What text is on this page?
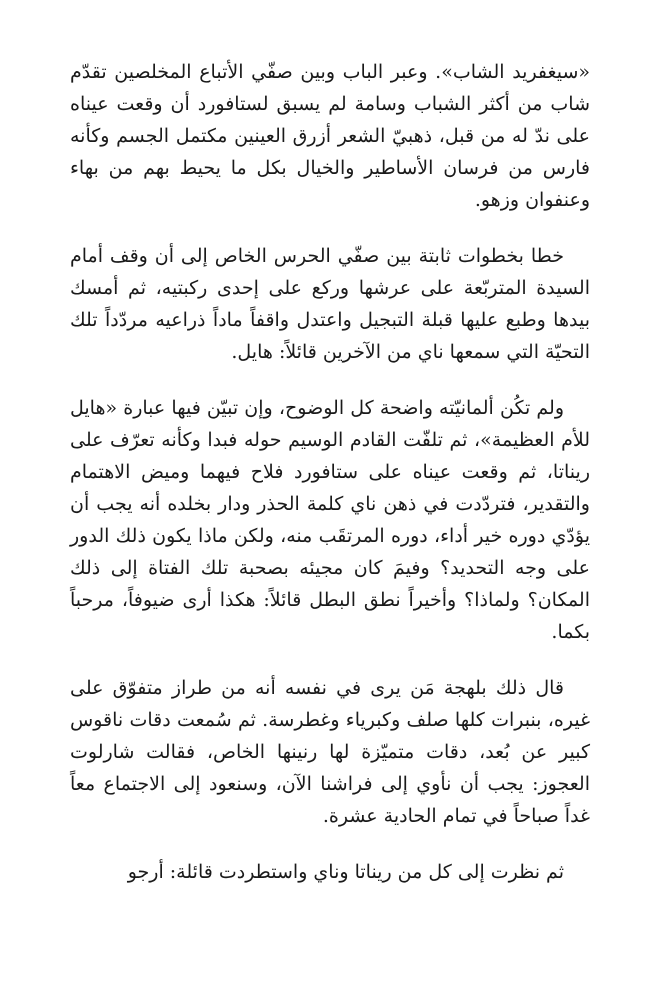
«سيغفريد الشاب». وعبر الباب وبين صفّي الأتباع المخلصين تقدّم شاب من أكثر الشباب وسامة لم يسبق لستافورد أن وقعت عيناه على ندّ له من قبل، ذهبيّ الشعر أزرق العينين مكتمل الجسم وكأنه فارس من فرسان الأساطير والخيال بكل ما يحيط بهم من بهاء وعنفوان وزهو.

خطا بخطوات ثابتة بين صفّي الحرس الخاص إلى أن وقف أمام السيدة المتربّعة على عرشها وركع على إحدى ركبتيه، ثم أمسك بيدها وطبع عليها قبلة التبجيل واعتدل واقفاً ماداً ذراعيه مردّداً تلك التحيّة التي سمعها ناي من الآخرين قائلاً: هايل.

ولم تكُن ألمانيّته واضحة كل الوضوح، وإن تبيّن فيها عبارة «هايل للأم العظيمة»، ثم تلفّت القادم الوسيم حوله فبدا وكأنه تعرّف على ريناتا، ثم وقعت عيناه على ستافورد فلاح فيهما وميض الاهتمام والتقدير، فتردّدت في ذهن ناي كلمة الحذر ودار بخلده أنه يجب أن يؤدّي دوره خير أداء، دوره المرتقَب منه، ولكن ماذا يكون ذلك الدور على وجه التحديد؟ وفيمَ كان مجيئه بصحبة تلك الفتاة إلى ذلك المكان؟ ولماذا؟ وأخيراً نطق البطل قائلاً: هكذا أرى ضيوفاً، مرحباً بكما.

قال ذلك بلهجة مَن يرى في نفسه أنه من طراز متفوّق على غيره، بنبرات كلها صلف وكبرياء وغطرسة. ثم سُمعت دقات ناقوس كبير عن بُعد، دقات متميّزة لها رنينها الخاص، فقالت شارلوت العجوز: يجب أن نأوي إلى فراشنا الآن، وسنعود إلى الاجتماع معاً غداً صباحاً في تمام الحادية عشرة.

ثم نظرت إلى كل من ريناتا وناي واستطردت قائلة: أرجو
